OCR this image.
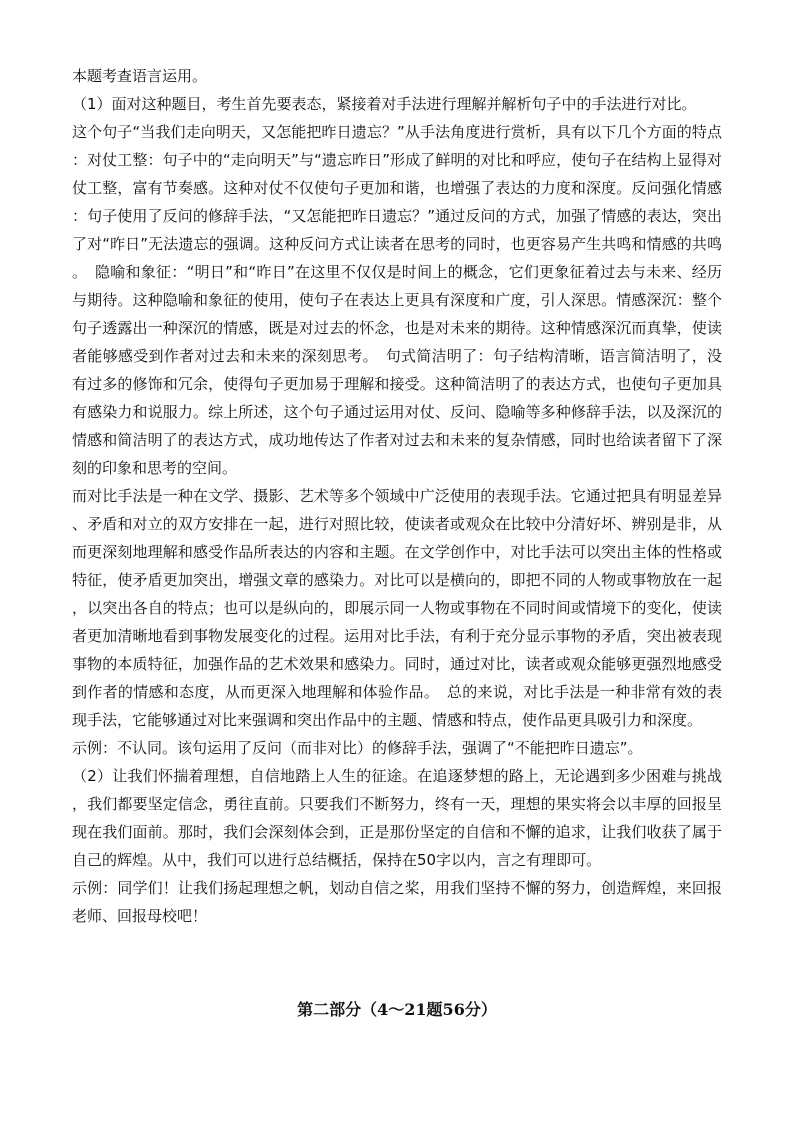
本题考查语言运用。

（1）面对这种题目，考生首先要表态，紧接着对手法进行理解并解析句子中的手法进行对比。

这个句子“当我们走向明天，又怎能把昨日遗忘？”从手法角度进行赏析，具有以下几个方面的特点：对仗工整：句子中的“走向明天”与“遗忘昨日”形成了鲜明的对比和呼应，使句子在结构上显得对仗工整，富有节奏感。这种对仗不仅使句子更加和谐，也增强了表达的力度和深度。反问强化情感：句子使用了反问的修辞手法，“又怎能把昨日遗忘？”通过反问的方式，加强了情感的表达，突出了对“昨日”无法遗忘的强调。这种反问方式让读者在思考的同时，也更容易产生共鸣和情感的共鸣。　隐喻和象征：“明日”和“昨日”在这里不仅仅是时间上的概念，它们更象征着过去与未来、经历与期待。这种隐喻和象征的使用，使句子在表达上更具有深度和广度，引人深思。情感深沉：整个句子透露出一种深沉的情感，既是对过去的怀念，也是对未来的期待。这种情感深沉而真挚，使读者能够感受到作者对过去和未来的深刻思考。　句式简洁明了：句子结构清晰，语言简洁明了，没有过多的修饰和冗余，使得句子更加易于理解和接受。这种简洁明了的表达方式，也使句子更加具有感染力和说服力。综上所述，这个句子通过运用对仗、反问、隐喻等多种修辞手法，以及深沉的情感和简洁明了的表达方式，成功地传达了作者对过去和未来的复杂情感，同时也给读者留下了深刻的印象和思考的空间。

而对比手法是一种在文学、摄影、艺术等多个领域中广泛使用的表现手法。它通过把具有明显差异、矛盾和对立的双方安排在一起，进行对照比较，使读者或观众在比较中分清好坏、辨别是非，从而更深刻地理解和感受作品所表达的内容和主题。在文学创作中，对比手法可以突出主体的性格或特征，使矛盾更加突出，增强文章的感染力。对比可以是横向的，即把不同的人物或事物放在一起，以突出各自的特点；也可以是纵向的，即展示同一人物或事物在不同时间或情境下的变化，使读者更加清晰地看到事物发展变化的过程。运用对比手法，有利于充分显示事物的矛盾，突出被表现事物的本质特征，加强作品的艺术效果和感染力。同时，通过对比，读者或观众能够更强烈地感受到作者的情感和态度，从而更深入地理解和体验作品。　总的来说，对比手法是一种非常有效的表现手法，它能够通过对比来强调和突出作品中的主题、情感和特点，使作品更具吸引力和深度。

示例：不认同。该句运用了反问（而非对比）的修辞手法，强调了“不能把昨日遗忘”。

（2）让我们怀揣着理想，自信地踏上人生的征途。在追逐梦想的路上，无论遇到多少困难与挑战，我们都要坚定信念，勇往直前。只要我们不断努力，终有一天，理想的果实将会以丰厚的回报呈现在我们面前。那时，我们会深刻体会到，正是那份坚定的自信和不懈的追求，让我们收获了属于自己的辉煌。从中，我们可以进行总结概括，保持在50字以内，言之有理即可。

示例：同学们！让我们扬起理想之帆，划动自信之桨，用我们坚持不懈的努力，创造辉煌，来回报老师、回报母校吧！

第二部分（4～21题56分）
